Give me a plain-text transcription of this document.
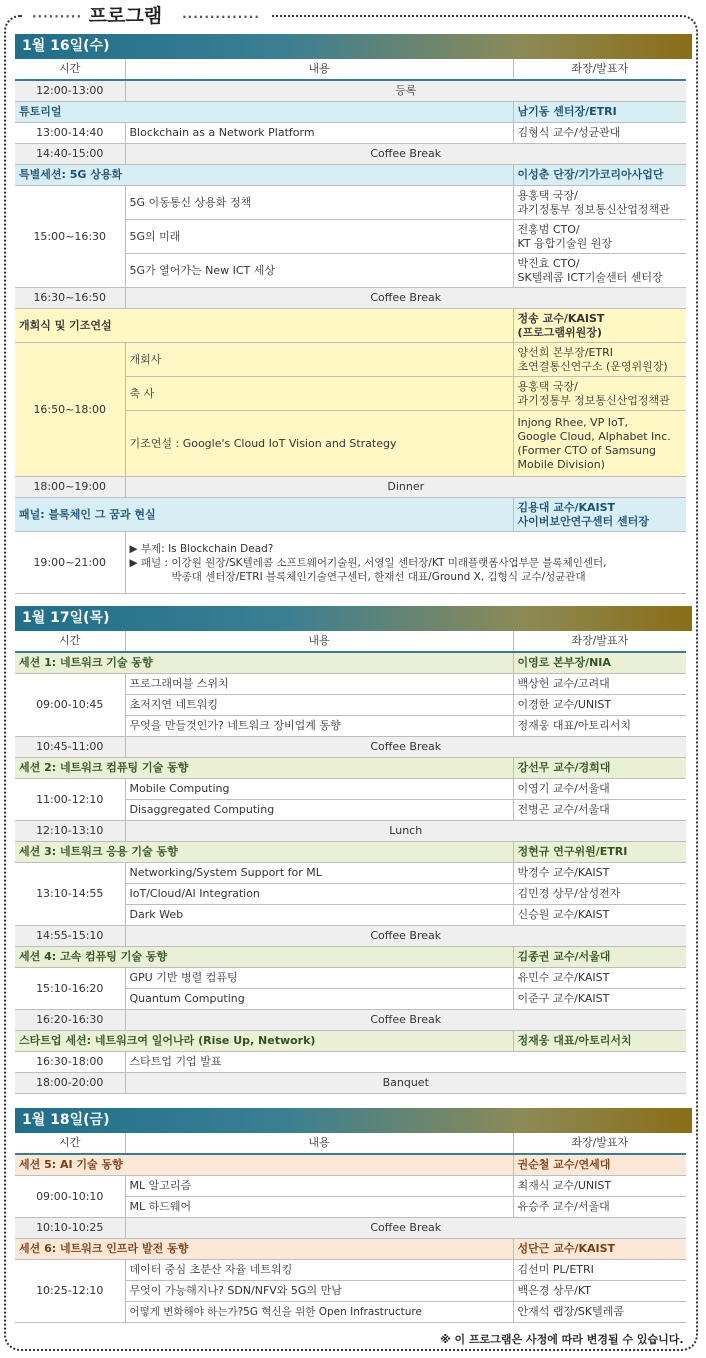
········· 프로그램 ··············
1월 16일(수)
시간	내용	좌장/발표자
12:00-13:00	등록	
튜토리얼		남기동 센터장/ETRI
13:00-14:40	Blockchain as a Network Platform	김형식 교수/성균관대
14:40-15:00	Coffee Break	
특별세션: 5G 상용화		이성춘 단장/기가코리아사업단
15:00~16:30	5G 이동통신 상용화 정책	용홍택 국장/
과기정통부 정보통신산업정책관
	5G의 미래	전홍범 CTO/
KT 융합기술원 원장
	5G가 열어가는 New ICT 세상	박진효 CTO/
SK텔레콤 ICT기술센터 센터장
16:30~16:50	Coffee Break	
개회식 및 기조연설		정송 교수/KAIST
(프로그램위원장)
16:50~18:00	개회사	양선희 본부장/ETRI
초연결통신연구소 (운영위원장)
	축 사	용홍택 국장/
과기정통부 정보통신산업정책관
	기조연설 : Google's Cloud IoT Vision and Strategy	Injong Rhee, VP IoT,
Google Cloud, Alphabet Inc.
(Former CTO of Samsung
Mobile Division)
18:00~19:00	Dinner	
패널: 블록체인 그 꿈과 현실		김용대 교수/KAIST
사이버보안연구센터 센터장
19:00~21:00	▶ 부제: Is Blockchain Dead?
▶ 패널 : 이강원 원장/SK텔레콤 소프트웨어기술원, 서영일 센터장/KT 미래플랫폼사업부문 블록체인센터,
박종대 센터장/ETRI 블록체인기술연구센터, 한재선 대표/Ground X, 김형식 교수/성균관대	
1월 17일(목)
시간	내용	좌장/발표자
세션 1: 네트워크 기술 동향		이영로 본부장/NIA
09:00-10:45	프로그래머블 스위치	백상헌 교수/고려대
	초저지연 네트워킹	이경한 교수/UNIST
	무엇을 만들것인가? 네트워크 장비업계 동향	정재웅 대표/아토리서치
10:45-11:00	Coffee Break	
세션 2: 네트워크 컴퓨팅 기술 동향		강선무 교수/경희대
11:00-12:10	Mobile Computing	이영기 교수/서울대
	Disaggregated Computing	전병곤 교수/서울대
12:10-13:10	Lunch	
세션 3: 네트워크 응용 기술 동향		정현규 연구위원/ETRI
13:10-14:55	Networking/System Support for ML	박경수 교수/KAIST
	IoT/Cloud/AI Integration	김민경 상무/삼성전자
	Dark Web	신승원 교수/KAIST
14:55-15:10	Coffee Break	
세션 4: 고속 컴퓨팅 기술 동향		김종권 교수/서울대
15:10-16:20	GPU 기반 병렬 컴퓨팅	유민수 교수/KAIST
	Quantum Computing	이준구 교수/KAIST
16:20-16:30	Coffee Break	
스타트업 세션: 네트워크여 일어나라 (Rise Up, Network)		정재웅 대표/아토리서치
16:30-18:00	스타트업 기업 발표	
18:00-20:00	Banquet	
1월 18일(금)
시간	내용	좌장/발표자
세션 5: AI 기술 동향		권순철 교수/연세대
09:00-10:10	ML 알고리즘	최재식 교수/UNIST
	ML 하드웨어	유승주 교수/서울대
10:10-10:25	Coffee Break	
세션 6: 네트워크 인프라 발전 동향		성단근 교수/KAIST
10:25-12:10	데이터 중심 초분산 자율 네트워킹	김선미 PL/ETRI
	무엇이 가능해지나? SDN/NFV와 5G의 만남	백은경 상무/KT
	어떻게 변화해야 하는가?5G 혁신을 위한 Open Infrastructure	안재석 랩장/SK텔레콤
※ 이 프로그램은 사정에 따라 변경될 수 있습니다.
